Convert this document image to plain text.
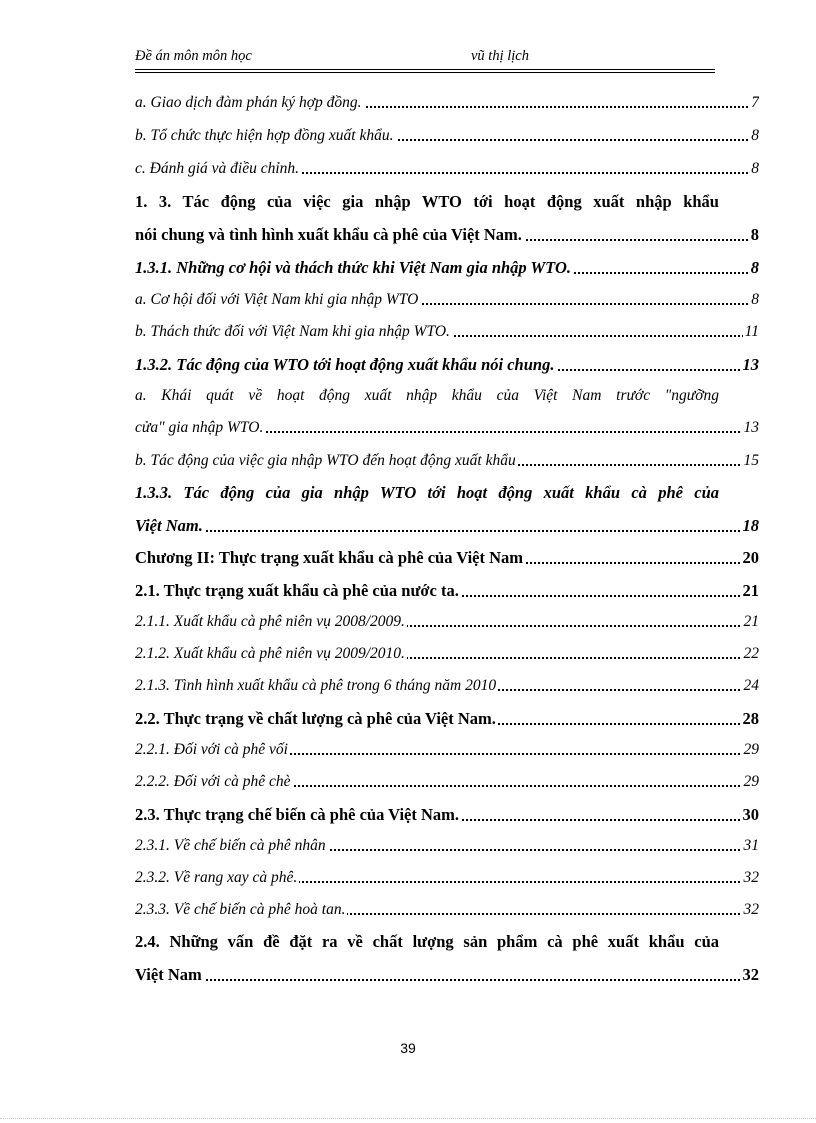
Đề án môn môn học	vũ thị lịch
a. Giao dịch đàm phán ký hợp đồng.	7
b. Tổ chức thực hiện hợp đồng xuất khẩu.	8
c. Đánh giá và điều chỉnh.	8
1. 3. Tác động của việc gia nhập WTO tới hoạt động xuất nhập khẩu
nói chung và tình hình xuất khẩu cà phê của Việt Nam.	8
1.3.1. Những cơ hội và thách thức khi Việt Nam gia nhập WTO.	8
a. Cơ hội đối với Việt Nam khi gia nhập WTO	8
b. Thách thức đối với Việt Nam khi gia nhập WTO.	11
1.3.2. Tác động của WTO tới hoạt động xuất khẩu nói chung.	13
a. Khái quát về hoạt động xuất nhập khẩu của Việt Nam trước "ngưỡng
cửa" gia nhập WTO.	13
b. Tác động của việc gia nhập WTO đến hoạt động xuất khẩu	15
1.3.3. Tác động của gia nhập WTO tới hoạt động xuất khẩu cà phê của
Việt Nam.	18
Chương II: Thực trạng xuất khẩu cà phê của Việt Nam	20
2.1. Thực trạng xuất khẩu cà phê của nước ta.	21
2.1.1. Xuất khẩu cà phê niên vụ 2008/2009.	21
2.1.2. Xuất khẩu cà phê niên vụ 2009/2010.	22
2.1.3. Tình hình xuất khẩu cà phê trong 6 tháng năm 2010	24
2.2. Thực trạng về chất lượng cà phê của Việt Nam.	28
2.2.1. Đối với cà phê vối	29
2.2.2. Đối với cà phê chè	29
2.3. Thực trạng chế biến cà phê của Việt Nam.	30
2.3.1. Về chế biến cà phê nhân	31
2.3.2. Về rang xay cà phê.	32
2.3.3. Về chế biến cà phê hoà tan.	32
2.4. Những vấn đề đặt ra về chất lượng sản phẩm cà phê xuất khẩu của
Việt Nam	32
39
